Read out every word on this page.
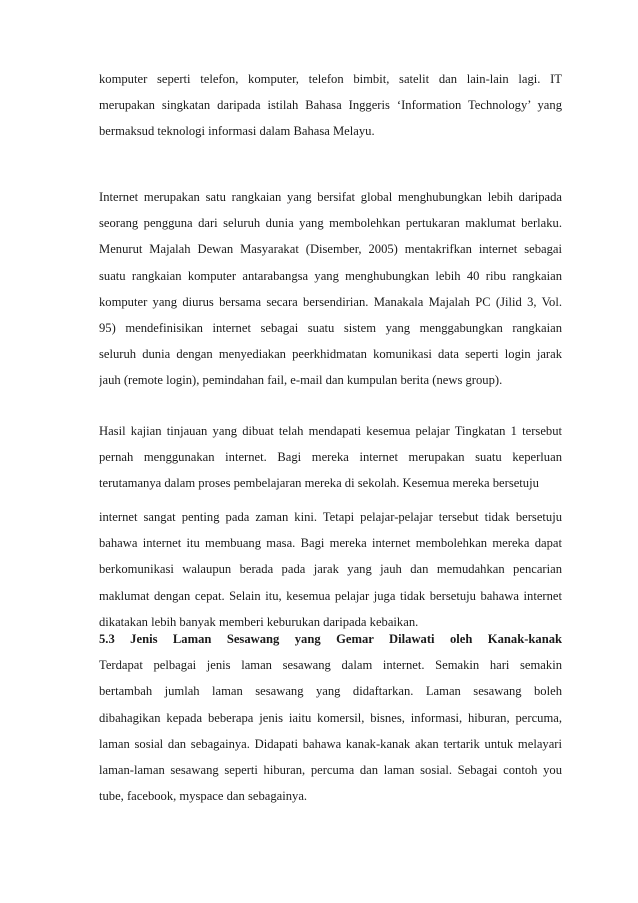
komputer seperti telefon, komputer, telefon bimbit, satelit dan lain-lain lagi. IT
merupakan singkatan daripada istilah Bahasa Inggeris ‘Information Technology’ yang
bermaksud teknologi informasi dalam Bahasa Melayu.
Internet merupakan satu rangkaian yang bersifat global menghubungkan lebih daripada
seorang pengguna dari seluruh dunia yang membolehkan pertukaran maklumat berlaku.
Menurut Majalah Dewan Masyarakat (Disember, 2005) mentakrifkan internet sebagai
suatu rangkaian komputer antarabangsa yang menghubungkan lebih 40 ribu rangkaian
komputer yang diurus bersama secara bersendirian. Manakala Majalah PC (Jilid 3, Vol.
95) mendefinisikan internet sebagai suatu sistem yang menggabungkan rangkaian
seluruh dunia dengan menyediakan peerkhidmatan komunikasi data seperti login jarak
jauh (remote login), pemindahan fail, e-mail dan kumpulan berita (news group).
Hasil kajian tinjauan yang dibuat telah mendapati kesemua pelajar Tingkatan 1 tersebut
pernah menggunakan internet. Bagi mereka internet merupakan suatu keperluan
terutamanya dalam proses pembelajaran mereka di sekolah. Kesemua mereka bersetuju
internet sangat penting pada zaman kini. Tetapi pelajar-pelajar tersebut tidak bersetuju
bahawa internet itu membuang masa. Bagi mereka internet membolehkan mereka dapat
berkomunikasi walaupun berada pada jarak yang jauh dan memudahkan pencarian
maklumat dengan cepat. Selain itu, kesemua pelajar juga tidak bersetuju bahawa internet
dikatakan lebih banyak memberi keburukan daripada kebaikan.
5.3 Jenis Laman Sesawang yang Gemar Dilawati oleh Kanak-kanak
Terdapat pelbagai jenis laman sesawang dalam internet. Semakin hari semakin
bertambah jumlah laman sesawang yang didaftarkan. Laman sesawang boleh
dibahagikan kepada beberapa jenis iaitu komersil, bisnes, informasi, hiburan, percuma,
laman sosial dan sebagainya. Didapati bahawa kanak-kanak akan tertarik untuk melayari
laman-laman sesawang seperti hiburan, percuma dan laman sosial. Sebagai contoh you
tube, facebook, myspace dan sebagainya.
